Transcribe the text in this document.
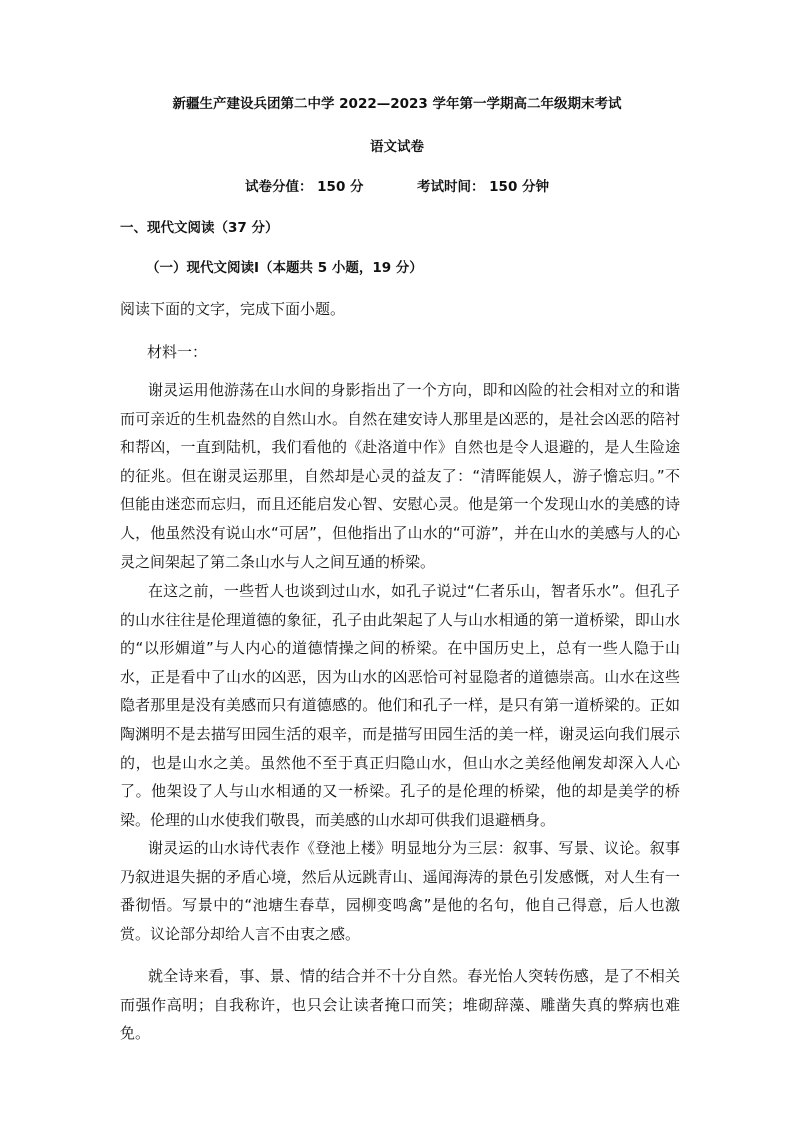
新疆生产建设兵团第二中学 2022—2023 学年第一学期高二年级期末考试
语文试卷
试卷分值： 150 分	考试时间： 150 分钟
一、现代文阅读（37 分）
（一）现代文阅读Ⅰ（本题共 5 小题，19 分）
阅读下面的文字，完成下面小题。
材料一：

谢灵运用他游荡在山水间的身影指出了一个方向，即和凶险的社会相对立的和谐而可亲近的生机盎然的自然山水。自然在建安诗人那里是凶恶的，是社会凶恶的陪衬和帮凶，一直到陆机，我们看他的《赴洛道中作》自然也是令人退避的，是人生险途的征兆。但在谢灵运那里，自然却是心灵的益友了：“清晖能娱人，游子憺忘归。”不但能由迷恋而忘归，而且还能启发心智、安慰心灵。他是第一个发现山水的美感的诗人，他虽然没有说山水“可居”，但他指出了山水的“可游”，并在山水的美感与人的心灵之间架起了第二条山水与人之间互通的桥梁。

在这之前，一些哲人也谈到过山水，如孔子说过“仁者乐山，智者乐水”。但孔子的山水往往是伦理道德的象征，孔子由此架起了人与山水相通的第一道桥梁，即山水的“以形媚道”与人内心的道德情操之间的桥梁。在中国历史上，总有一些人隐于山水，正是看中了山水的凶恶，因为山水的凶恶恰可衬显隐者的道德崇高。山水在这些隐者那里是没有美感而只有道德感的。他们和孔子一样，是只有第一道桥梁的。正如陶渊明不是去描写田园生活的艰辛，而是描写田园生活的美一样，谢灵运向我们展示的，也是山水之美。虽然他不至于真正归隐山水，但山水之美经他阐发却深入人心了。他架设了人与山水相通的又一桥梁。孔子的是伦理的桥梁，他的却是美学的桥梁。伦理的山水使我们敬畏，而美感的山水却可供我们退避栖身。

谢灵运的山水诗代表作《登池上楼》明显地分为三层：叙事、写景、议论。叙事乃叙进退失据的矛盾心境，然后从远跳青山、遥闻海涛的景色引发感慨，对人生有一番彻悟。写景中的“池塘生春草，园柳变鸣禽”是他的名句，他自己得意，后人也激赏。议论部分却给人言不由衷之感。

就全诗来看，事、景、情的结合并不十分自然。春光怡人突转伤感，是了不相关而强作高明；自我称许，也只会让读者掩口而笑；堆砌辞藻、雕凿失真的弊病也难免。
